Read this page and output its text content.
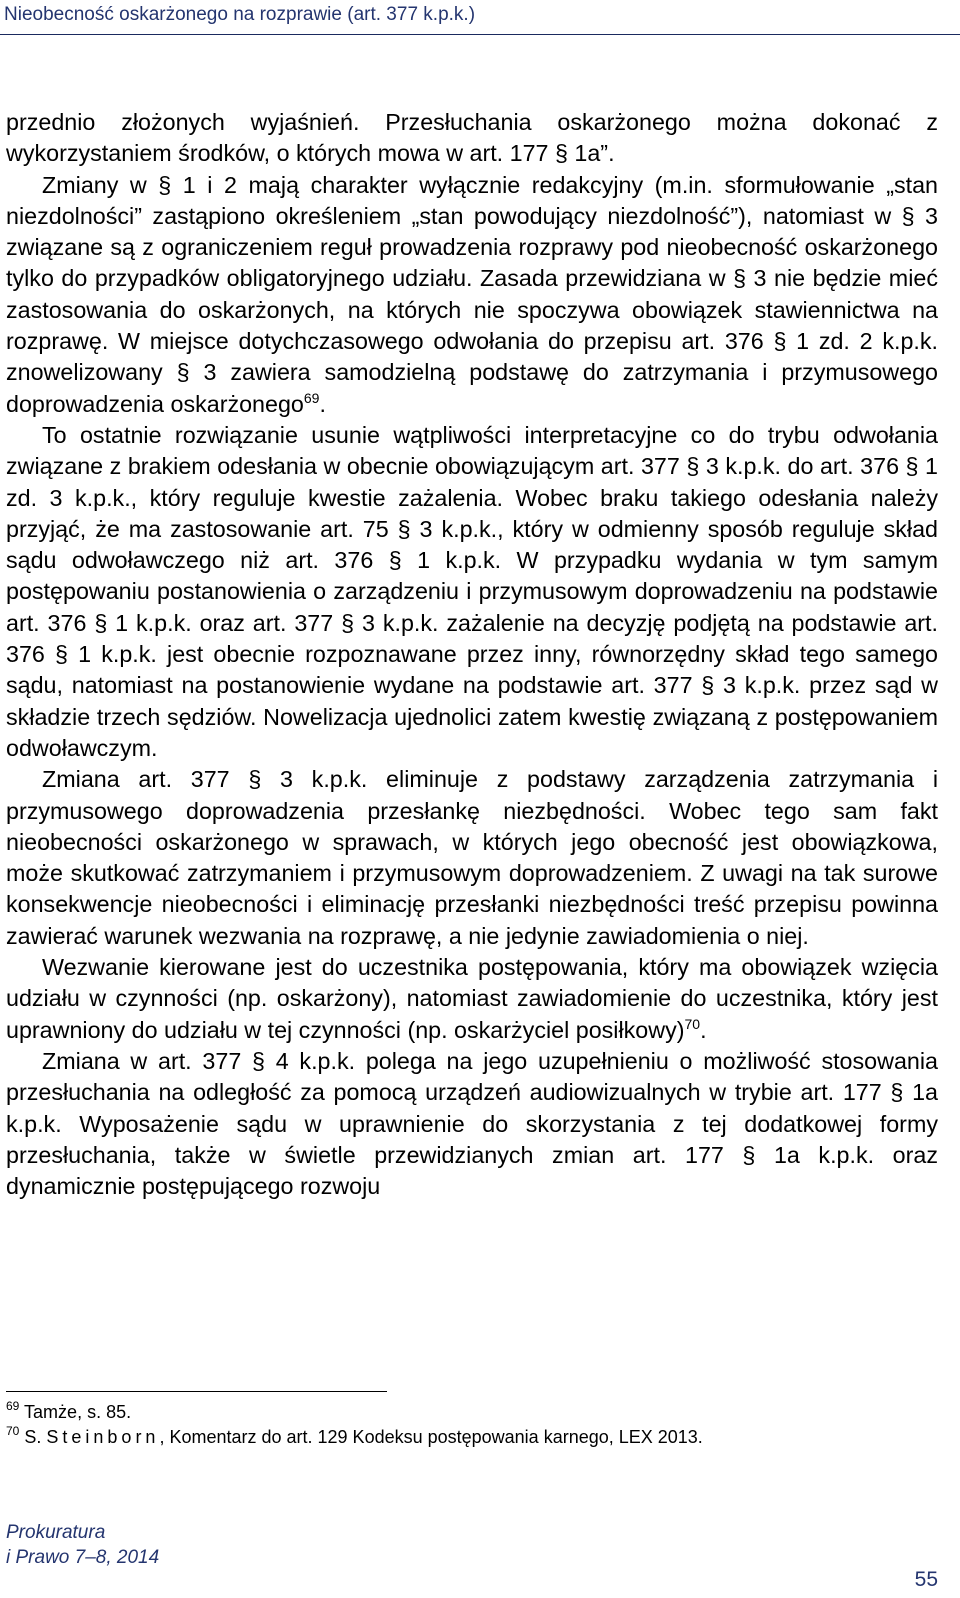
Nieobecność oskarżonego na rozprawie (art. 377 k.p.k.)

przednio złożonych wyjaśnień. Przesłuchania oskarżonego można dokonać z wykorzystaniem środków, o których mowa w art. 177 § 1a”.

Zmiany w § 1 i 2 mają charakter wyłącznie redakcyjny (m.in. sformułowanie „stan niezdolności” zastąpiono określeniem „stan powodujący niezdolność”), natomiast w § 3 związane są z ograniczeniem reguł prowadzenia rozprawy pod nieobecność oskarżonego tylko do przypadków obligatoryjnego udziału. Zasada przewidziana w § 3 nie będzie mieć zastosowania do oskarżonych, na których nie spoczywa obowiązek stawiennictwa na rozprawę. W miejsce dotychczasowego odwołania do przepisu art. 376 § 1 zd. 2 k.p.k. znowelizowany § 3 zawiera samodzielną podstawę do zatrzymania i przymusowego doprowadzenia oskarżonego$^{69}$.

To ostatnie rozwiązanie usunie wątpliwości interpretacyjne co do trybu odwołania związane z brakiem odesłania w obecnie obowiązującym art. 377 § 3 k.p.k. do art. 376 § 1 zd. 3 k.p.k., który reguluje kwestie zażalenia. Wobec braku takiego odesłania należy przyjąć, że ma zastosowanie art. 75 § 3 k.p.k., który w odmienny sposób reguluje skład sądu odwoławczego niż art. 376 § 1 k.p.k. W przypadku wydania w tym samym postępowaniu postanowienia o zarządzeniu i przymusowym doprowadzeniu na podstawie art. 376 § 1 k.p.k. oraz art. 377 § 3 k.p.k. zażalenie na decyzję podjętą na podstawie art. 376 § 1 k.p.k. jest obecnie rozpoznawane przez inny, równorzędny skład tego samego sądu, natomiast na postanowienie wydane na podstawie art. 377 § 3 k.p.k. przez sąd w składzie trzech sędziów. Nowelizacja ujednolici zatem kwestię związaną z postępowaniem odwoławczym.

Zmiana art. 377 § 3 k.p.k. eliminuje z podstawy zarządzenia zatrzymania i przymusowego doprowadzenia przesłankę niezbędności. Wobec tego sam fakt nieobecności oskarżonego w sprawach, w których jego obecność jest obowiązkowa, może skutkować zatrzymaniem i przymusowym doprowadzeniem. Z uwagi na tak surowe konsekwencje nieobecności i eliminację przesłanki niezbędności treść przepisu powinna zawierać warunek wezwania na rozprawę, a nie jedynie zawiadomienia o niej.

Wezwanie kierowane jest do uczestnika postępowania, który ma obowiązek wzięcia udziału w czynności (np. oskarżony), natomiast zawiadomienie do uczestnika, który jest uprawniony do udziału w tej czynności (np. oskarżyciel posiłkowy)$^{70}$.

Zmiana w art. 377 § 4 k.p.k. polega na jego uzupełnieniu o możliwość stosowania przesłuchania na odległość za pomocą urządzeń audiowizualnych w trybie art. 177 § 1a k.p.k. Wyposażenie sądu w uprawnienie do skorzystania z tej dodatkowej formy przesłuchania, także w świetle przewidzianych zmian art. 177 § 1a k.p.k. oraz dynamicznie postępującego rozwoju

$^{69}$ Tamże, s. 85.

$^{70}$ S. Steinborn, Komentarz do art. 129 Kodeksu postępowania karnego, LEX 2013.

Prokuratura
i Prawo 7–8, 2014
55
